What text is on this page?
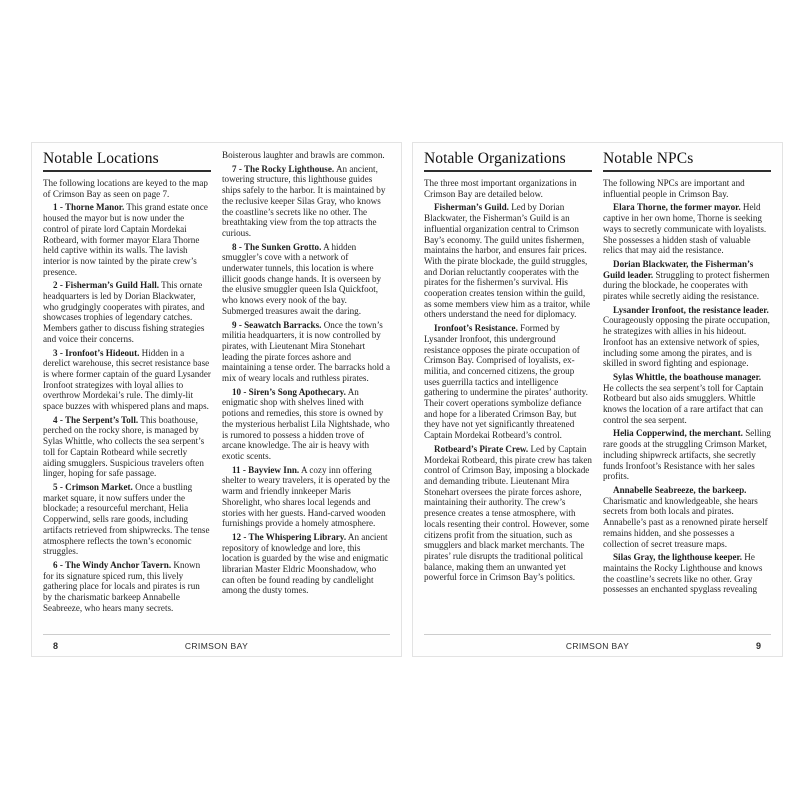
Notable Locations

The following locations are keyed to the map of Crimson Bay as seen on page 7.

1 - Thorne Manor. This grand estate once housed the mayor but is now under the control of pirate lord Captain Mordekai Rotbeard, with former mayor Elara Thorne held captive within its walls. The lavish interior is now tainted by the pirate crew’s presence.

2 - Fisherman’s Guild Hall. This ornate headquarters is led by Dorian Blackwater, who grudgingly cooperates with pirates, and showcases trophies of legendary catches. Members gather to discuss fishing strategies and voice their concerns.

3 - Ironfoot’s Hideout. Hidden in a derelict warehouse, this secret resistance base is where former captain of the guard Lysander Ironfoot strategizes with loyal allies to overthrow Mordekai’s rule. The dimly-lit space buzzes with whispered plans and maps.

4 - The Serpent’s Toll. This boathouse, perched on the rocky shore, is managed by Sylas Whittle, who collects the sea serpent’s toll for Captain Rotbeard while secretly aiding smugglers. Suspicious travelers often linger, hoping for safe passage.

5 - Crimson Market. Once a bustling market square, it now suffers under the blockade; a resourceful merchant, Helia Copperwind, sells rare goods, including artifacts retrieved from shipwrecks. The tense atmosphere reflects the town’s economic struggles.

6 - The Windy Anchor Tavern. Known for its signature spiced rum, this lively gathering place for locals and pirates is run by the charismatic barkeep Annabelle Seabreeze, who hears many secrets.

Boisterous laughter and brawls are common.

7 - The Rocky Lighthouse. An ancient, towering structure, this lighthouse guides ships safely to the harbor. It is maintained by the reclusive keeper Silas Gray, who knows the coastline’s secrets like no other. The breathtaking view from the top attracts the curious.

8 - The Sunken Grotto. A hidden smuggler’s cove with a network of underwater tunnels, this location is where illicit goods change hands. It is overseen by the elusive smuggler queen Isla Quickfoot, who knows every nook of the bay. Submerged treasures await the daring.

9 - Seawatch Barracks. Once the town’s militia headquarters, it is now controlled by pirates, with Lieutenant Mira Stonehart leading the pirate forces ashore and maintaining a tense order. The barracks hold a mix of weary locals and ruthless pirates.

10 - Siren’s Song Apothecary. An enigmatic shop with shelves lined with potions and remedies, this store is owned by the mysterious herbalist Lila Nightshade, who is rumored to possess a hidden trove of arcane knowledge. The air is heavy with exotic scents.

11 - Bayview Inn. A cozy inn offering shelter to weary travelers, it is operated by the warm and friendly innkeeper Maris Shorelight, who shares local legends and stories with her guests. Hand-carved wooden furnishings provide a homely atmosphere.

12 - The Whispering Library. An ancient repository of knowledge and lore, this location is guarded by the wise and enigmatic librarian Master Eldric Moonshadow, who can often be found reading by candlelight among the dusty tomes.

8	CRIMSON BAY
Notable Organizations

The three most important organizations in Crimson Bay are detailed below.

Fisherman’s Guild. Led by Dorian Blackwater, the Fisherman’s Guild is an influential organization central to Crimson Bay’s economy. The guild unites fishermen, maintains the harbor, and ensures fair prices. With the pirate blockade, the guild struggles, and Dorian reluctantly cooperates with the pirates for the fishermen’s survival. His cooperation creates tension within the guild, as some members view him as a traitor, while others understand the need for diplomacy.

Ironfoot’s Resistance. Formed by Lysander Ironfoot, this underground resistance opposes the pirate occupation of Crimson Bay. Comprised of loyalists, ex-militia, and concerned citizens, the group uses guerrilla tactics and intelligence gathering to undermine the pirates’ authority. Their covert operations symbolize defiance and hope for a liberated Crimson Bay, but they have not yet significantly threatened Captain Mordekai Rotbeard’s control.

Rotbeard’s Pirate Crew. Led by Captain Mordekai Rotbeard, this pirate crew has taken control of Crimson Bay, imposing a blockade and demanding tribute. Lieutenant Mira Stonehart oversees the pirate forces ashore, maintaining their authority. The crew’s presence creates a tense atmosphere, with locals resenting their control. However, some citizens profit from the situation, such as smugglers and black market merchants. The pirates’ rule disrupts the traditional political balance, making them an unwanted yet powerful force in Crimson Bay’s politics.

Notable NPCs

The following NPCs are important and influential people in Crimson Bay.

Elara Thorne, the former mayor. Held captive in her own home, Thorne is seeking ways to secretly communicate with loyalists. She possesses a hidden stash of valuable relics that may aid the resistance.

Dorian Blackwater, the Fisherman’s Guild leader. Struggling to protect fishermen during the blockade, he cooperates with pirates while secretly aiding the resistance.

Lysander Ironfoot, the resistance leader. Courageously opposing the pirate occupation, he strategizes with allies in his hideout. Ironfoot has an extensive network of spies, including some among the pirates, and is skilled in sword fighting and espionage.

Sylas Whittle, the boathouse manager. He collects the sea serpent’s toll for Captain Rotbeard but also aids smugglers. Whittle knows the location of a rare artifact that can control the sea serpent.

Helia Copperwind, the merchant. Selling rare goods at the struggling Crimson Market, including shipwreck artifacts, she secretly funds Ironfoot’s Resistance with her sales profits.

Annabelle Seabreeze, the barkeep. Charismatic and knowledgeable, she hears secrets from both locals and pirates. Annabelle’s past as a renowned pirate herself remains hidden, and she possesses a collection of secret treasure maps.

Silas Gray, the lighthouse keeper. He maintains the Rocky Lighthouse and knows the coastline’s secrets like no other. Gray possesses an enchanted spyglass revealing

CRIMSON BAY	9
